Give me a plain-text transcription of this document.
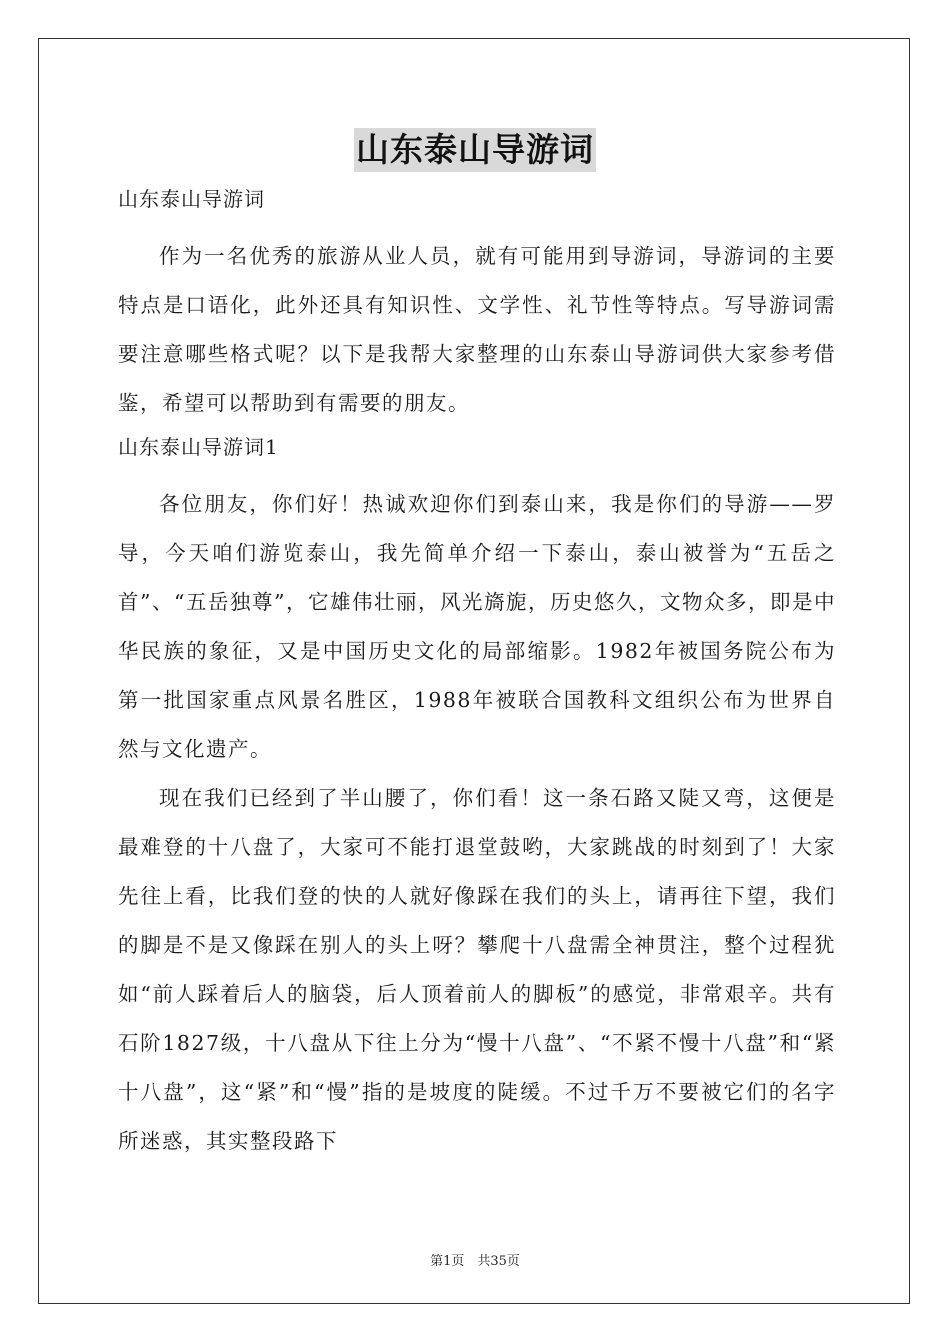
山东泰山导游词

山东泰山导游词

作为一名优秀的旅游从业人员，就有可能用到导游词，导游词的主要特点是口语化，此外还具有知识性、文学性、礼节性等特点。写导游词需要注意哪些格式呢？以下是我帮大家整理的山东泰山导游词供大家参考借鉴，希望可以帮助到有需要的朋友。

山东泰山导游词1

各位朋友，你们好！热诚欢迎你们到泰山来，我是你们的导游——罗导，今天咱们游览泰山，我先简单介绍一下泰山，泰山被誉为“五岳之首”、“五岳独尊”，它雄伟壮丽，风光旖旎，历史悠久，文物众多，即是中华民族的象征，又是中国历史文化的局部缩影。1982年被国务院公布为第一批国家重点风景名胜区，1988年被联合国教科文组织公布为世界自然与文化遗产。

现在我们已经到了半山腰了，你们看！这一条石路又陡又弯，这便是最难登的十八盘了，大家可不能打退堂鼓哟，大家跳战的时刻到了！大家先往上看，比我们登的快的人就好像踩在我们的头上，请再往下望，我们的脚是不是又像踩在别人的头上呀？攀爬十八盘需全神贯注，整个过程犹如“前人踩着后人的脑袋，后人顶着前人的脚板”的感觉，非常艰辛。共有石阶1827级，十八盘从下往上分为“慢十八盘”、“不紧不慢十八盘”和“紧十八盘”，这“紧”和“慢”指的是坡度的陡缓。不过千万不要被它们的名字所迷惑，其实整段路下

第1页　共35页
